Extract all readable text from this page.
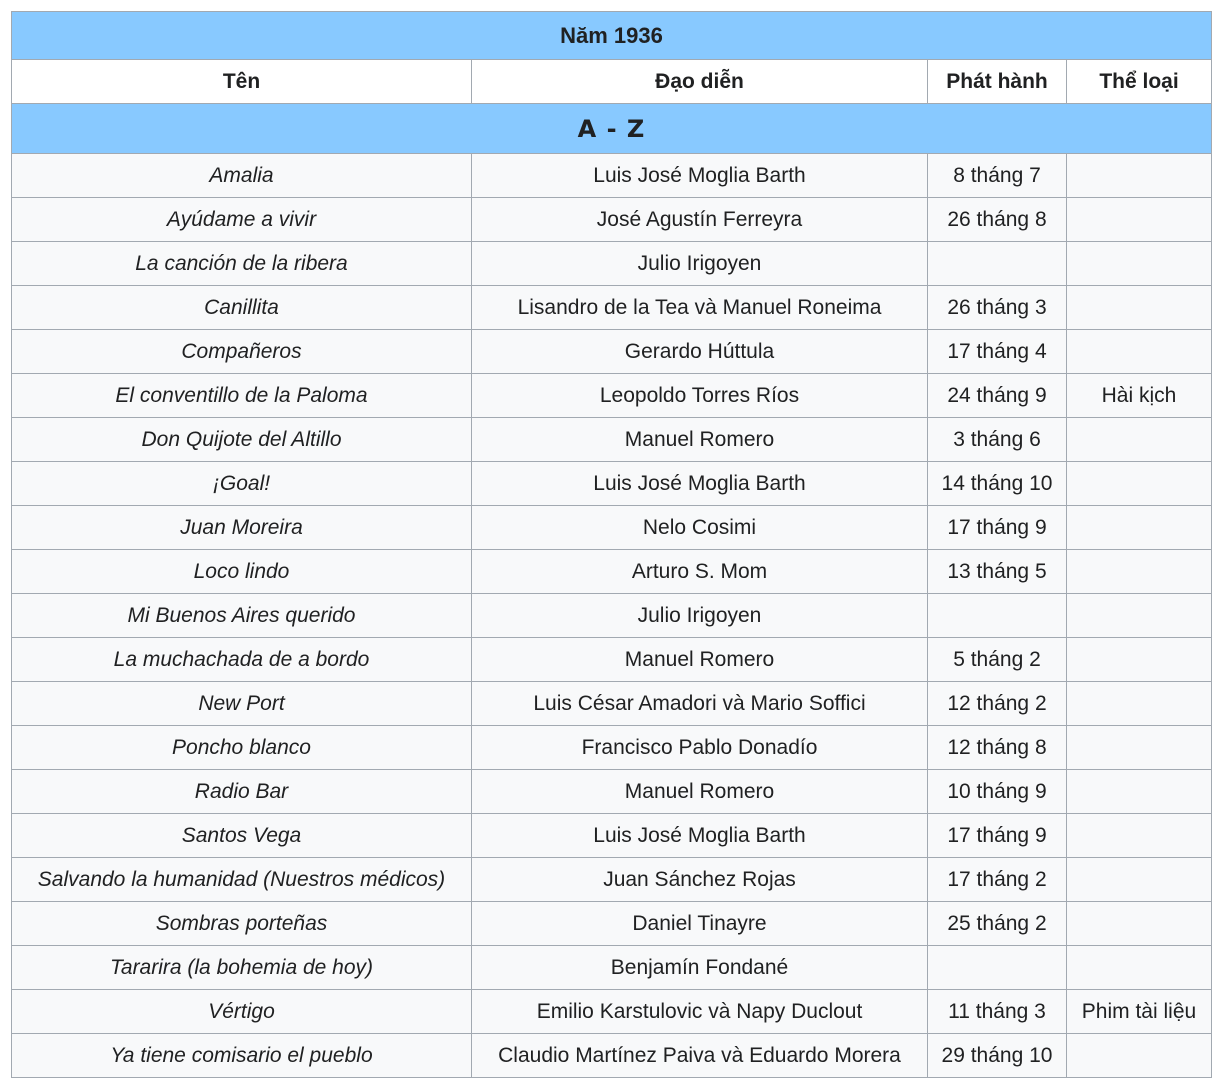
Năm 1936			
Tên	Đạo diễn	Phát hành	Thể loại
A - Z			
Amalia	Luis José Moglia Barth	8 tháng 7	
Ayúdame a vivir	José Agustín Ferreyra	26 tháng 8	
La canción de la ribera	Julio Irigoyen		
Canillita	Lisandro de la Tea và Manuel Roneima	26 tháng 3	
Compañeros	Gerardo Húttula	17 tháng 4	
El conventillo de la Paloma	Leopoldo Torres Ríos	24 tháng 9	Hài kịch
Don Quijote del Altillo	Manuel Romero	3 tháng 6	
¡Goal!	Luis José Moglia Barth	14 tháng 10	
Juan Moreira	Nelo Cosimi	17 tháng 9	
Loco lindo	Arturo S. Mom	13 tháng 5	
Mi Buenos Aires querido	Julio Irigoyen		
La muchachada de a bordo	Manuel Romero	5 tháng 2	
New Port	Luis César Amadori và Mario Soffici	12 tháng 2	
Poncho blanco	Francisco Pablo Donadío	12 tháng 8	
Radio Bar	Manuel Romero	10 tháng 9	
Santos Vega	Luis José Moglia Barth	17 tháng 9	
Salvando la humanidad (Nuestros médicos)	Juan Sánchez Rojas	17 tháng 2	
Sombras porteñas	Daniel Tinayre	25 tháng 2	
Tararira (la bohemia de hoy)	Benjamín Fondané		
Vértigo	Emilio Karstulovic và Napy Duclout	11 tháng 3	Phim tài liệu
Ya tiene comisario el pueblo	Claudio Martínez Paiva và Eduardo Morera	29 tháng 10	
